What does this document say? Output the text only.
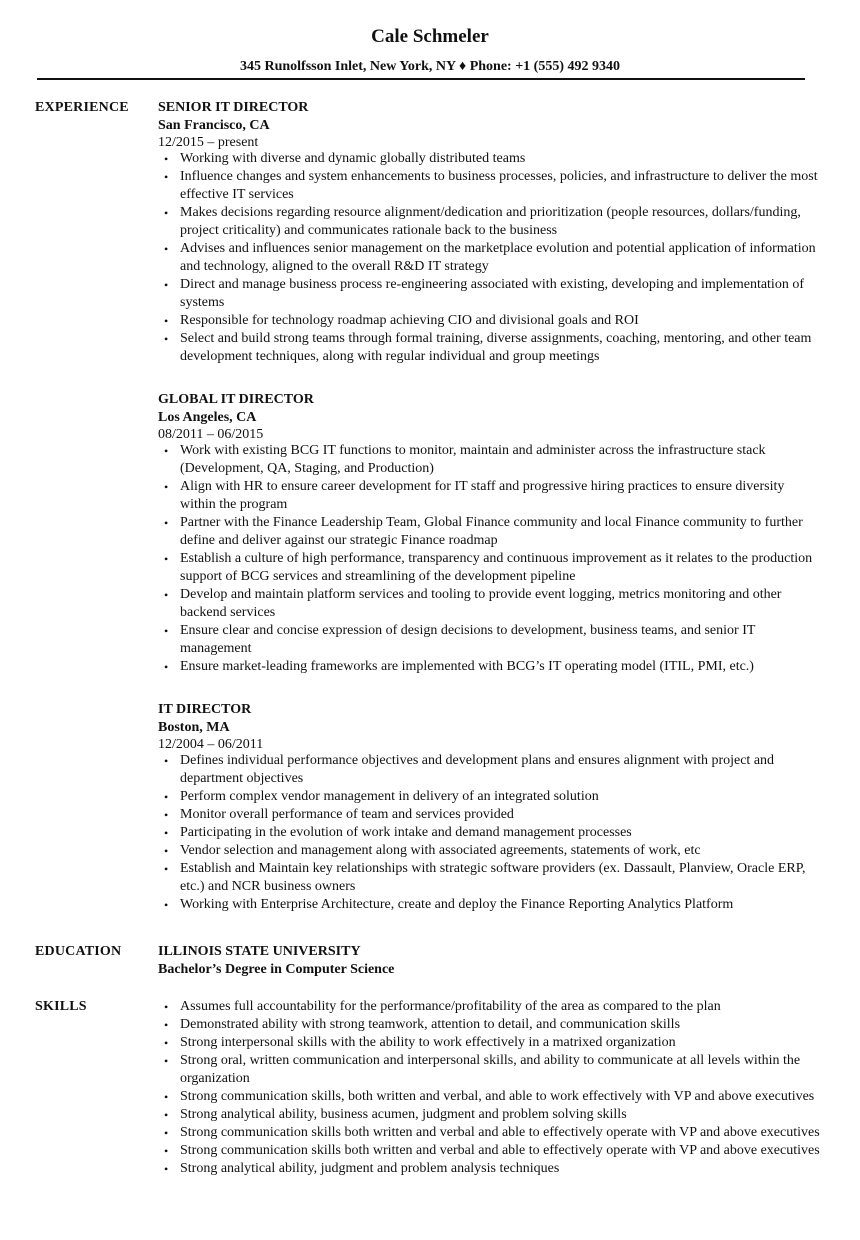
Cale Schmeler
345 Runolfsson Inlet, New York, NY ♦ Phone: +1 (555) 492 9340
EXPERIENCE SENIOR IT DIRECTOR
San Francisco, CA
12/2015 – present
• Working with diverse and dynamic globally distributed teams
• Influence changes and system enhancements to business processes, policies, and infrastructure to deliver the most effective IT services
• Makes decisions regarding resource alignment/dedication and prioritization (people resources, dollars/funding, project criticality) and communicates rationale back to the business
• Advises and influences senior management on the marketplace evolution and potential application of information and technology, aligned to the overall R&D IT strategy
• Direct and manage business process re-engineering associated with existing, developing and implementation of systems
• Responsible for technology roadmap achieving CIO and divisional goals and ROI
• Select and build strong teams through formal training, diverse assignments, coaching, mentoring, and other team development techniques, along with regular individual and group meetings
GLOBAL IT DIRECTOR
Los Angeles, CA
08/2011 – 06/2015
• Work with existing BCG IT functions to monitor, maintain and administer across the infrastructure stack (Development, QA, Staging, and Production)
• Align with HR to ensure career development for IT staff and progressive hiring practices to ensure diversity within the program
• Partner with the Finance Leadership Team, Global Finance community and local Finance community to further define and deliver against our strategic Finance roadmap
• Establish a culture of high performance, transparency and continuous improvement as it relates to the production support of BCG services and streamlining of the development pipeline
• Develop and maintain platform services and tooling to provide event logging, metrics monitoring and other backend services
• Ensure clear and concise expression of design decisions to development, business teams, and senior IT management
• Ensure market-leading frameworks are implemented with BCG’s IT operating model (ITIL, PMI, etc.)
IT DIRECTOR
Boston, MA
12/2004 – 06/2011
• Defines individual performance objectives and development plans and ensures alignment with project and department objectives
• Perform complex vendor management in delivery of an integrated solution
• Monitor overall performance of team and services provided
• Participating in the evolution of work intake and demand management processes
• Vendor selection and management along with associated agreements, statements of work, etc
• Establish and Maintain key relationships with strategic software providers (ex. Dassault, Planview, Oracle ERP, etc.) and NCR business owners
• Working with Enterprise Architecture, create and deploy the Finance Reporting Analytics Platform
EDUCATION	ILLINOIS STATE UNIVERSITY
Bachelor’s Degree in Computer Science
SKILLS	• Assumes full accountability for the performance/profitability of the area as compared to the plan
• Demonstrated ability with strong teamwork, attention to detail, and communication skills
• Strong interpersonal skills with the ability to work effectively in a matrixed organization
• Strong oral, written communication and interpersonal skills, and ability to communicate at all levels within the organization
• Strong communication skills, both written and verbal, and able to work effectively with VP and above executives
• Strong analytical ability, business acumen, judgment and problem solving skills
• Strong communication skills both written and verbal and able to effectively operate with VP and above executives
• Strong communication skills both written and verbal and able to effectively operate with VP and above executives
• Strong analytical ability, judgment and problem analysis techniques
